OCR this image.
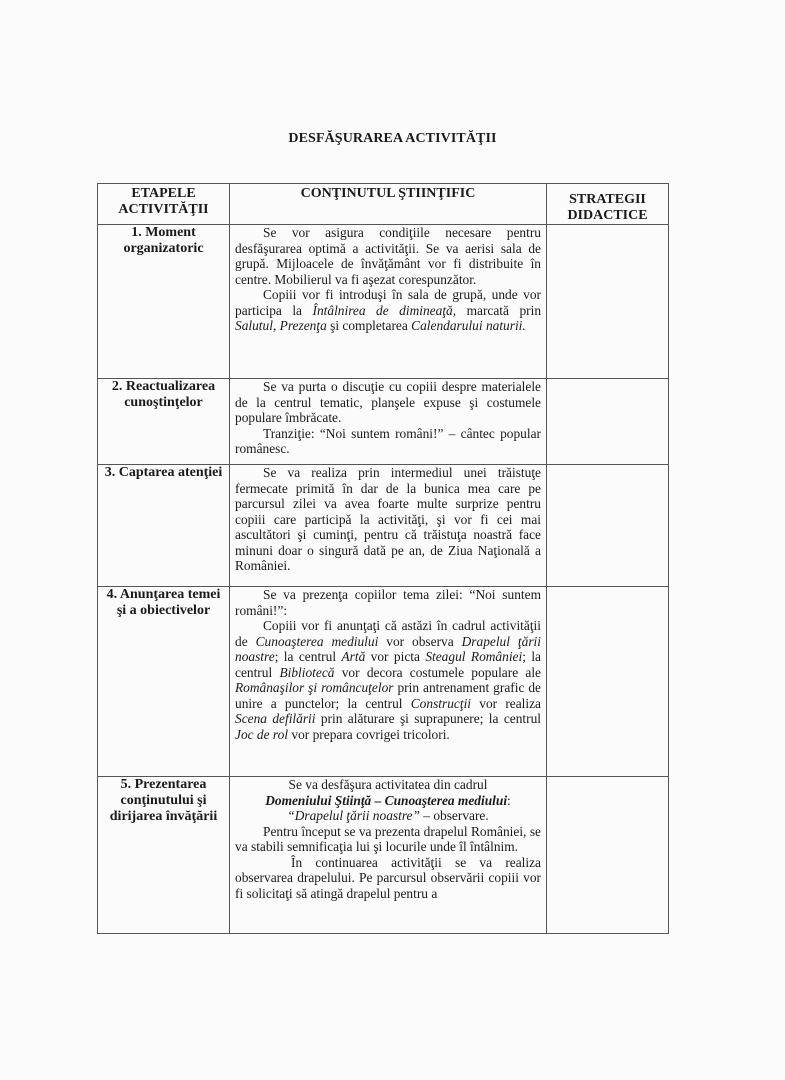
DESFĂŞURAREA ACTIVITĂŢII
ETAPELE ACTIVITĂŢII	CONŢINUTUL ŞTIINŢIFIC	STRATEGII DIDACTICE
1. Moment organizatoric	Se vor asigura condiţiile necesare pentru desfăşurarea optimă a activităţii. Se va aerisi sala de grupă. Mijloacele de învăţământ vor fi distribuite în centre. Mobilierul va fi aşezat corespunzător.

Copiii vor fi introduşi în sala de grupă, unde vor participa la Întâlnirea de dimineaţă, marcată prin Salutul, Prezenţa şi completarea Calendarului naturii.	

2. Reactualizarea cunoştinţelor	Se va purta o discuţie cu copiii despre materialele de la centrul tematic, planşele expuse şi costumele populare îmbrăcate.

Tranziţie: “Noi suntem români!” – cântec popular românesc.	

3. Captarea atenţiei	Se va realiza prin intermediul unei trăistuţe fermecate primită în dar de la bunica mea care pe parcursul zilei va avea foarte multe surprize pentru copiii care participă la activităţi, şi vor fi cei mai ascultători şi cuminţi, pentru că trăistuţa noastră face minuni doar o singură dată pe an, de Ziua Naţională a României.	

4. Anunţarea temei şi a obiectivelor	Se va prezenţa copiilor tema zilei: “Noi suntem români!”:

Copiii vor fi anunţaţi că astăzi în cadrul activităţii de Cunoaşterea mediului vor observa Drapelul ţării noastre; la centrul Artă vor picta Steagul României; la centrul Bibliotecă vor decora costumele populare ale Românaşilor şi româncuţelor prin antrenament grafic de unire a punctelor; la centrul Construcţii vor realiza Scena defilării prin alăturare şi suprapunere; la centrul Joc de rol vor prepara covrigei tricolori.	

5. Prezentarea conţinutului şi dirijarea învăţării	Se va desfăşura activitatea din cadrul

Domeniului Ştiinţă – Cunoaşterea mediului:

“Drapelul ţării noastre” – observare.

Pentru început se va prezenta drapelul României, se va stabili semnificaţia lui şi locurile unde îl întâlnim.

În continuarea activităţii se va realiza observarea drapelului. Pe parcursul observării copiii vor fi solicitaţi să atingă drapelul pentru a	
